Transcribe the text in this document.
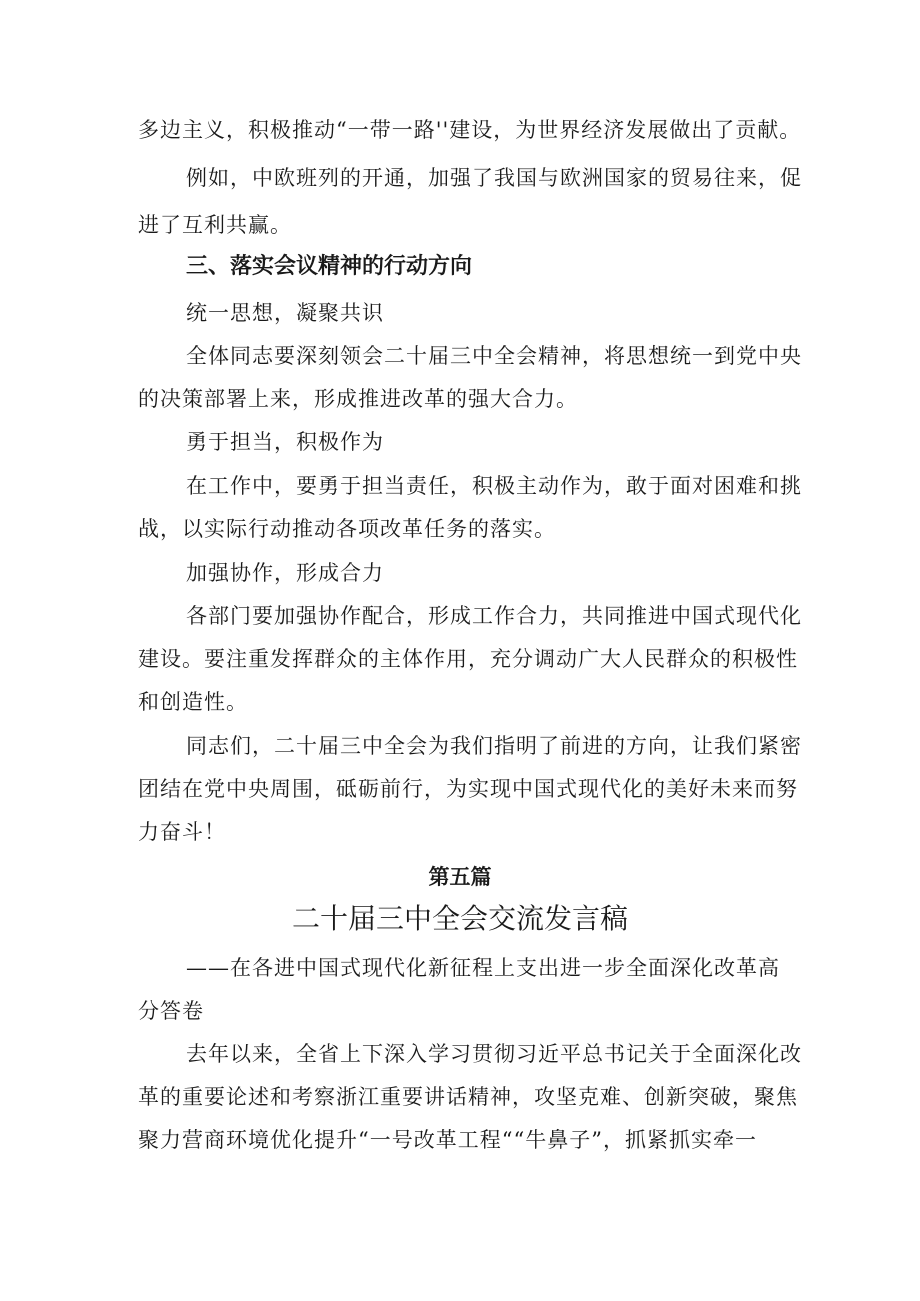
多边主义，积极推动“一带一路''建设，为世界经济发展做出了贡献。
例如，中欧班列的开通，加强了我国与欧洲国家的贸易往来，促
进了互利共赢。
三、落实会议精神的行动方向
统一思想，凝聚共识
全体同志要深刻领会二十届三中全会精神，将思想统一到党中央
的决策部署上来，形成推进改革的强大合力。
勇于担当，积极作为
在工作中，要勇于担当责任，积极主动作为，敢于面对困难和挑
战，以实际行动推动各项改革任务的落实。
加强协作，形成合力
各部门要加强协作配合，形成工作合力，共同推进中国式现代化
建设。要注重发挥群众的主体作用，充分调动广大人民群众的积极性
和创造性。
同志们，二十届三中全会为我们指明了前进的方向，让我们紧密
团结在党中央周围，砥砺前行，为实现中国式现代化的美好未来而努
力奋斗！
第五篇
二十届三中全会交流发言稿
——在各进中国式现代化新征程上支出进一步全面深化改革高
分答卷
去年以来，全省上下深入学习贯彻习近平总书记关于全面深化改
革的重要论述和考察浙江重要讲话精神，攻坚克难、创新突破，聚焦
聚力营商环境优化提升“一号改革工程““牛鼻子”，抓紧抓实牵一
